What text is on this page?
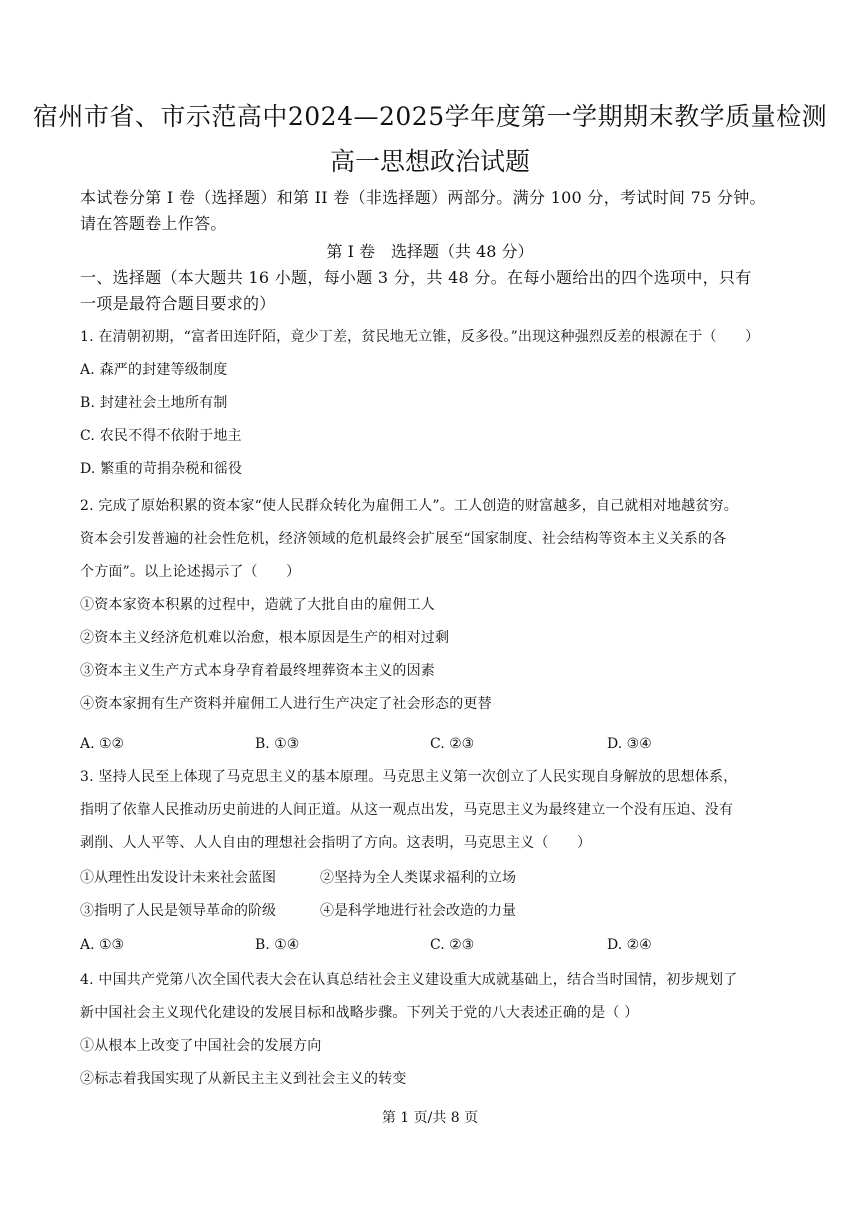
宿州市省、市示范高中2024—2025学年度第一学期期末教学质量检测
高一思想政治试题
本试卷分第 I 卷（选择题）和第 II 卷（非选择题）两部分。满分 100 分，考试时间 75 分钟。
请在答题卷上作答。
第 I 卷　选择题（共 48 分）
一、选择题（本大题共 16 小题，每小题 3 分，共 48 分。在每小题给出的四个选项中，只有
一项是最符合题目要求的）
1. 在清朝初期，“富者田连阡陌，竟少丁差，贫民地无立锥，反多役。”出现这种强烈反差的根源在于（　　）
A. 森严的封建等级制度
B. 封建社会土地所有制
C. 农民不得不依附于地主
D. 繁重的苛捐杂税和徭役
2. 完成了原始积累的资本家“使人民群众转化为雇佣工人”。工人创造的财富越多，自己就相对地越贫穷。
资本会引发普遍的社会性危机，经济领域的危机最终会扩展至“国家制度、社会结构等资本主义关系的各
个方面”。以上论述揭示了（　　）
①资本家资本积累的过程中，造就了大批自由的雇佣工人
②资本主义经济危机难以治愈，根本原因是生产的相对过剩
③资本主义生产方式本身孕育着最终埋葬资本主义的因素
④资本家拥有生产资料并雇佣工人进行生产决定了社会形态的更替
A. ①②	B. ①③	C. ②③	D. ③④
3. 坚持人民至上体现了马克思主义的基本原理。马克思主义第一次创立了人民实现自身解放的思想体系，
指明了依靠人民推动历史前进的人间正道。从这一观点出发，马克思主义为最终建立一个没有压迫、没有
剥削、人人平等、人人自由的理想社会指明了方向。这表明，马克思主义（　　）
①从理性出发设计未来社会蓝图	②坚持为全人类谋求福利的立场
③指明了人民是领导革命的阶级	④是科学地进行社会改造的力量
A. ①③	B. ①④	C. ②③	D. ②④
4. 中国共产党第八次全国代表大会在认真总结社会主义建设重大成就基础上，结合当时国情，初步规划了
新中国社会主义现代化建设的发展目标和战略步骤。下列关于党的八大表述正确的是（ ）
①从根本上改变了中国社会的发展方向
②标志着我国实现了从新民主主义到社会主义的转变
第 1 页/共 8 页
